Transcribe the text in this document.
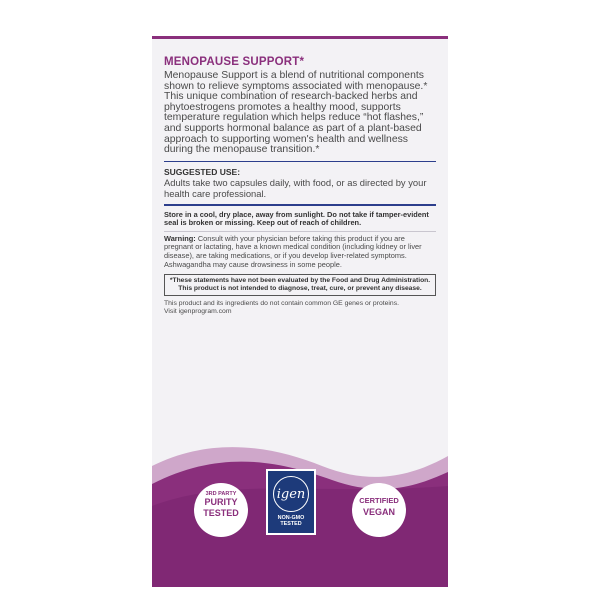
MENOPAUSE SUPPORT*

Menopause Support is a blend of nutritional components shown to relieve symptoms associated with menopause.* This unique combination of research-backed herbs and phytoestrogens promotes a healthy mood, supports temperature regulation which helps reduce “hot flashes,” and supports hormonal balance as part of a plant-based approach to supporting women's health and wellness during the menopause transition.*

SUGGESTED USE:

Adults take two capsules daily, with food, or as directed by your health care professional.

Store in a cool, dry place, away from sunlight. Do not take if tamper-evident seal is broken or missing. Keep out of reach of children.

Warning: Consult with your physician before taking this product if you are pregnant or lactating, have a known medical condition (including kidney or liver disease), are taking medications, or if you develop liver-related symptoms. Ashwagandha may cause drowsiness in some people.

*These statements have not been evaluated by the Food and Drug Administration.
This product is not intended to diagnose, treat, cure, or prevent any disease.

This product and its ingredients do not contain common GE genes or proteins.

Visit igenprogram.com

3RD PARTY
PURITY
TESTED
igen
NON-GMO
TESTED
CERTIFIED
VEGAN
